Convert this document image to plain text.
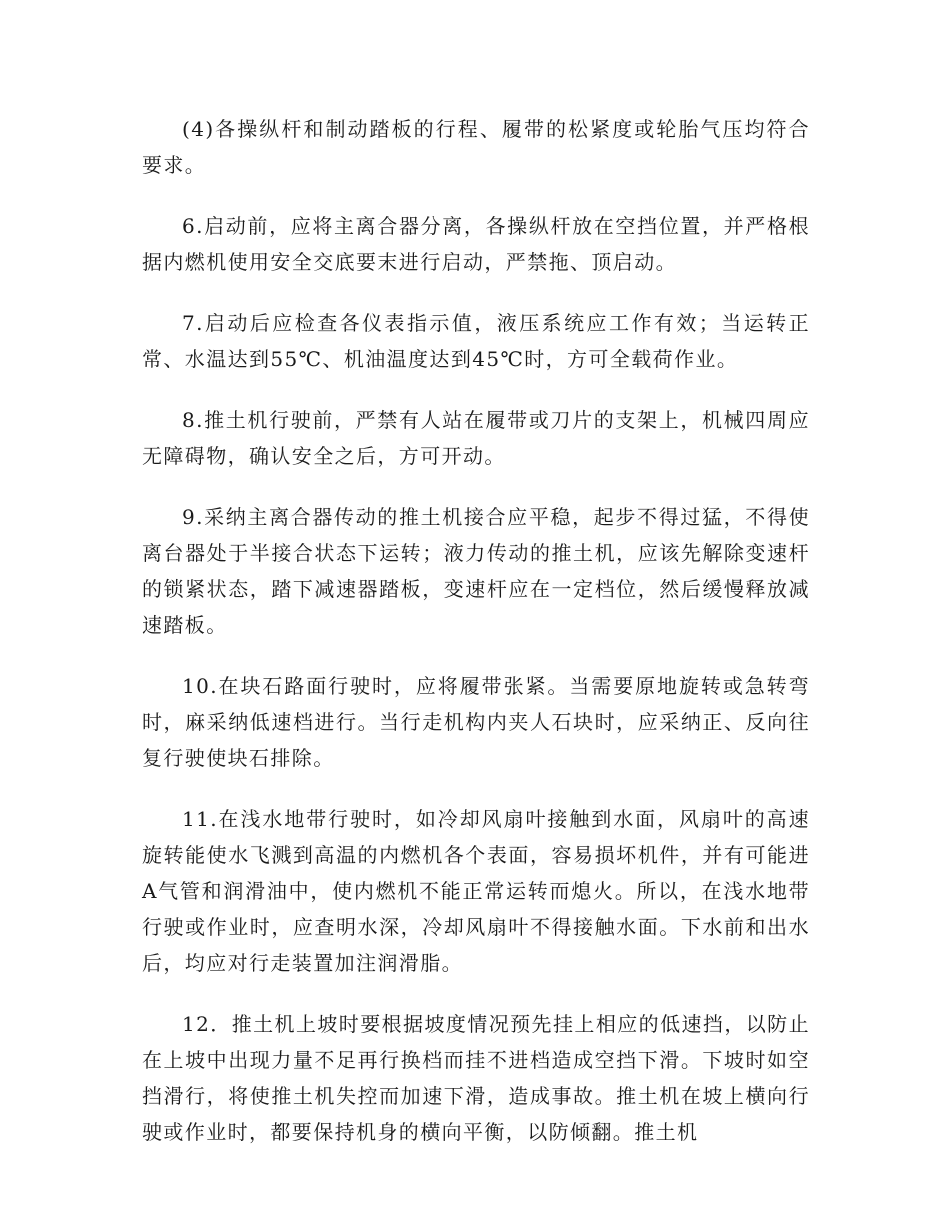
(4)各操纵杆和制动踏板的行程、履带的松紧度或轮胎气压均符合要求。

6.启动前，应将主离合器分离，各操纵杆放在空挡位置，并严格根据内燃机使用安全交底要末进行启动，严禁拖、顶启动。

7.启动后应检查各仪表指示值，液压系统应工作有效；当运转正常、水温达到55℃、机油温度达到45℃时，方可全载荷作业。

8.推土机行驶前，严禁有人站在履带或刀片的支架上，机械四周应无障碍物，确认安全之后，方可开动。

9.采纳主离合器传动的推土机接合应平稳，起步不得过猛，不得使离台器处于半接合状态下运转；液力传动的推土机，应该先解除变速杆的锁紧状态，踏下减速器踏板，变速杆应在一定档位，然后缓慢释放减速踏板。

10.在块石路面行驶时，应将履带张紧。当需要原地旋转或急转弯时，麻采纳低速档进行。当行走机构内夹人石块时，应采纳正、反向往复行驶使块石排除。

11.在浅水地带行驶时，如冷却风扇叶接触到水面，风扇叶的高速旋转能使水飞溅到高温的内燃机各个表面，容易损坏机件，并有可能进A气管和润滑油中，使内燃机不能正常运转而熄火。所以，在浅水地带行驶或作业时，应查明水深，冷却风扇叶不得接触水面。下水前和出水后，均应对行走装置加注润滑脂。

12．推土机上坡时要根据坡度情况预先挂上相应的低速挡，以防止在上坡中出现力量不足再行换档而挂不进档造成空挡下滑。下坡时如空挡滑行，将使推土机失控而加速下滑，造成事故。推土机在坡上横向行驶或作业时，都要保持机身的横向平衡，以防倾翻。推土机
